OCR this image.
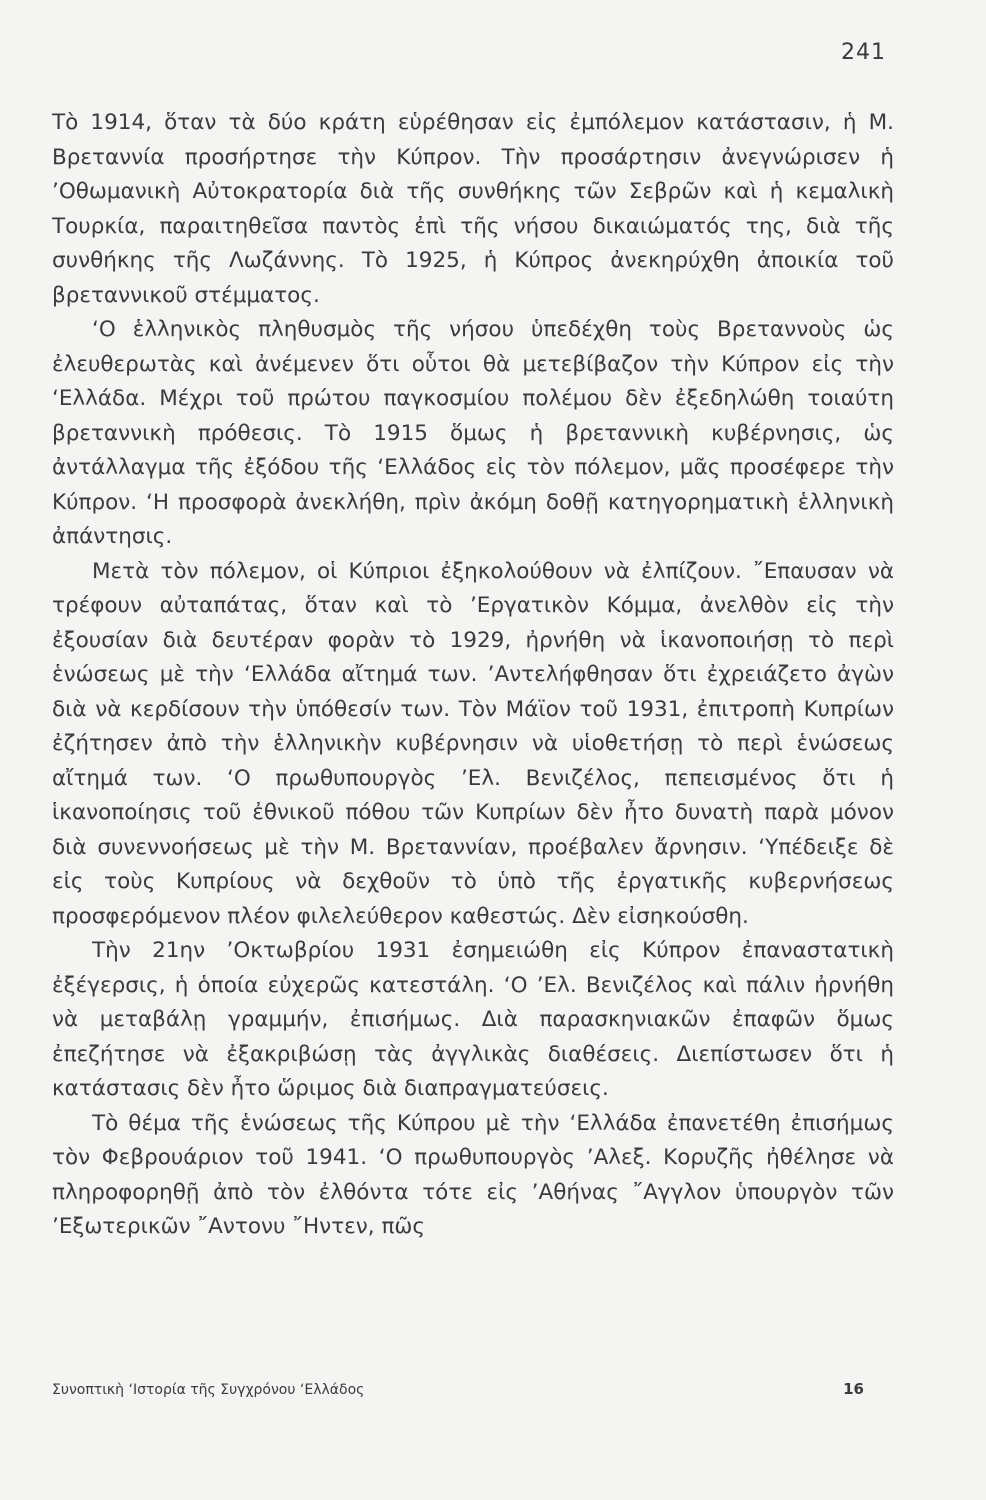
241

Τὸ 1914, ὅταν τὰ δύο κράτη εὑρέθησαν εἰς ἐμπόλεμον κατάστασιν, ἡ Μ. Βρεταννία προσήρτησε τὴν Κύπρον. Τὴν προσάρτησιν ἀνεγνώρισεν ἡ ’Οθωμανικὴ Αὐτοκρατορία διὰ τῆς συνθήκης τῶν Σεβρῶν καὶ ἡ κεμαλικὴ Τουρκία, παραιτηθεῖσα παντὸς ἐπὶ τῆς νήσου δικαιώματός της, διὰ τῆς συνθήκης τῆς Λωζάννης. Τὸ 1925, ἡ Κύπρος ἀνεκηρύχθη ἀποικία τοῦ βρεταννικοῦ στέμματος.

‘Ο ἑλληνικὸς πληθυσμὸς τῆς νήσου ὑπεδέχθη τοὺς Βρεταννοὺς ὡς ἐλευθερωτὰς καὶ ἀνέμενεν ὅτι οὗτοι θὰ μετεβίβαζον τὴν Κύπρον εἰς τὴν ‘Ελλάδα. Μέχρι τοῦ πρώτου παγκοσμίου πολέμου δὲν ἐξεδηλώθη τοιαύτη βρεταννικὴ πρόθεσις. Τὸ 1915 ὅμως ἡ βρεταννικὴ κυβέρνησις, ὡς ἀντάλλαγμα τῆς ἐξόδου τῆς ‘Ελλάδος εἰς τὸν πόλεμον, μᾶς προσέφερε τὴν Κύπρον. ‘Η προσφορὰ ἀνεκλήθη, πρὶν ἀκόμη δοθῇ κατηγορηματικὴ ἑλληνικὴ ἀπάντησις.

Μετὰ τὸν πόλεμον, οἱ Κύπριοι ἐξηκολούθουν νὰ ἐλπίζουν. ῎Επαυσαν νὰ τρέφουν αὐταπάτας, ὅταν καὶ τὸ ’Εργατικὸν Κόμμα, ἀνελθὸν εἰς τὴν ἐξουσίαν διὰ δευτέραν φορὰν τὸ 1929, ἠρνήθη νὰ ἱκανοποιήσῃ τὸ περὶ ἑνώσεως μὲ τὴν ‘Ελλάδα αἴτημά των. ’Αντελήφθησαν ὅτι ἐχρειάζετο ἀγὼν διὰ νὰ κερδίσουν τὴν ὑπόθεσίν των. Τὸν Μάϊον τοῦ 1931, ἐπιτροπὴ Κυπρίων ἐζήτησεν ἀπὸ τὴν ἑλληνικὴν κυβέρνησιν νὰ υἱοθετήσῃ τὸ περὶ ἑνώσεως αἴτημά των. ‘Ο πρωθυπουργὸς ’Ελ. Βενιζέλος, πεπεισμένος ὅτι ἡ ἱκανοποίησις τοῦ ἐθνικοῦ πόθου τῶν Κυπρίων δὲν ἦτο δυνατὴ παρὰ μόνον διὰ συνεννοήσεως μὲ τὴν Μ. Βρεταννίαν, προέβαλεν ἄρνησιν. ‘Υπέδειξε δὲ εἰς τοὺς Κυπρίους νὰ δεχθοῦν τὸ ὑπὸ τῆς ἐργατικῆς κυβερνήσεως προσφερόμενον πλέον φιλελεύθερον καθεστώς. Δὲν εἰσηκούσθη.

Τὴν 21ην ’Οκτωβρίου 1931 ἐσημειώθη εἰς Κύπρον ἐπαναστατικὴ ἐξέγερσις, ἡ ὁποία εὐχερῶς κατεστάλη. ‘Ο ’Ελ. Βενιζέλος καὶ πάλιν ἠρνήθη νὰ μεταβάλῃ γραμμήν, ἐπισήμως. Διὰ παρασκηνιακῶν ἐπαφῶν ὅμως ἐπεζήτησε νὰ ἐξακριβώσῃ τὰς ἀγγλικὰς διαθέσεις. Διεπίστωσεν ὅτι ἡ κατάστασις δὲν ἦτο ὥριμος διὰ διαπραγματεύσεις.

Τὸ θέμα τῆς ἑνώσεως τῆς Κύπρου μὲ τὴν ‘Ελλάδα ἐπανετέθη ἐπισήμως τὸν Φεβρουάριον τοῦ 1941. ‘Ο πρωθυπουργὸς ’Αλεξ. Κορυζῆς ἠθέλησε νὰ πληροφορηθῇ ἀπὸ τὸν ἐλθόντα τότε εἰς ’Αθήνας ῎Αγγλον ὑπουργὸν τῶν ’Εξωτερικῶν ῎Αντονυ ῎Ηντεν, πῶς

Συνοπτικὴ ‘Ιστορία τῆς Συγχρόνου ‘Ελλάδος	16
